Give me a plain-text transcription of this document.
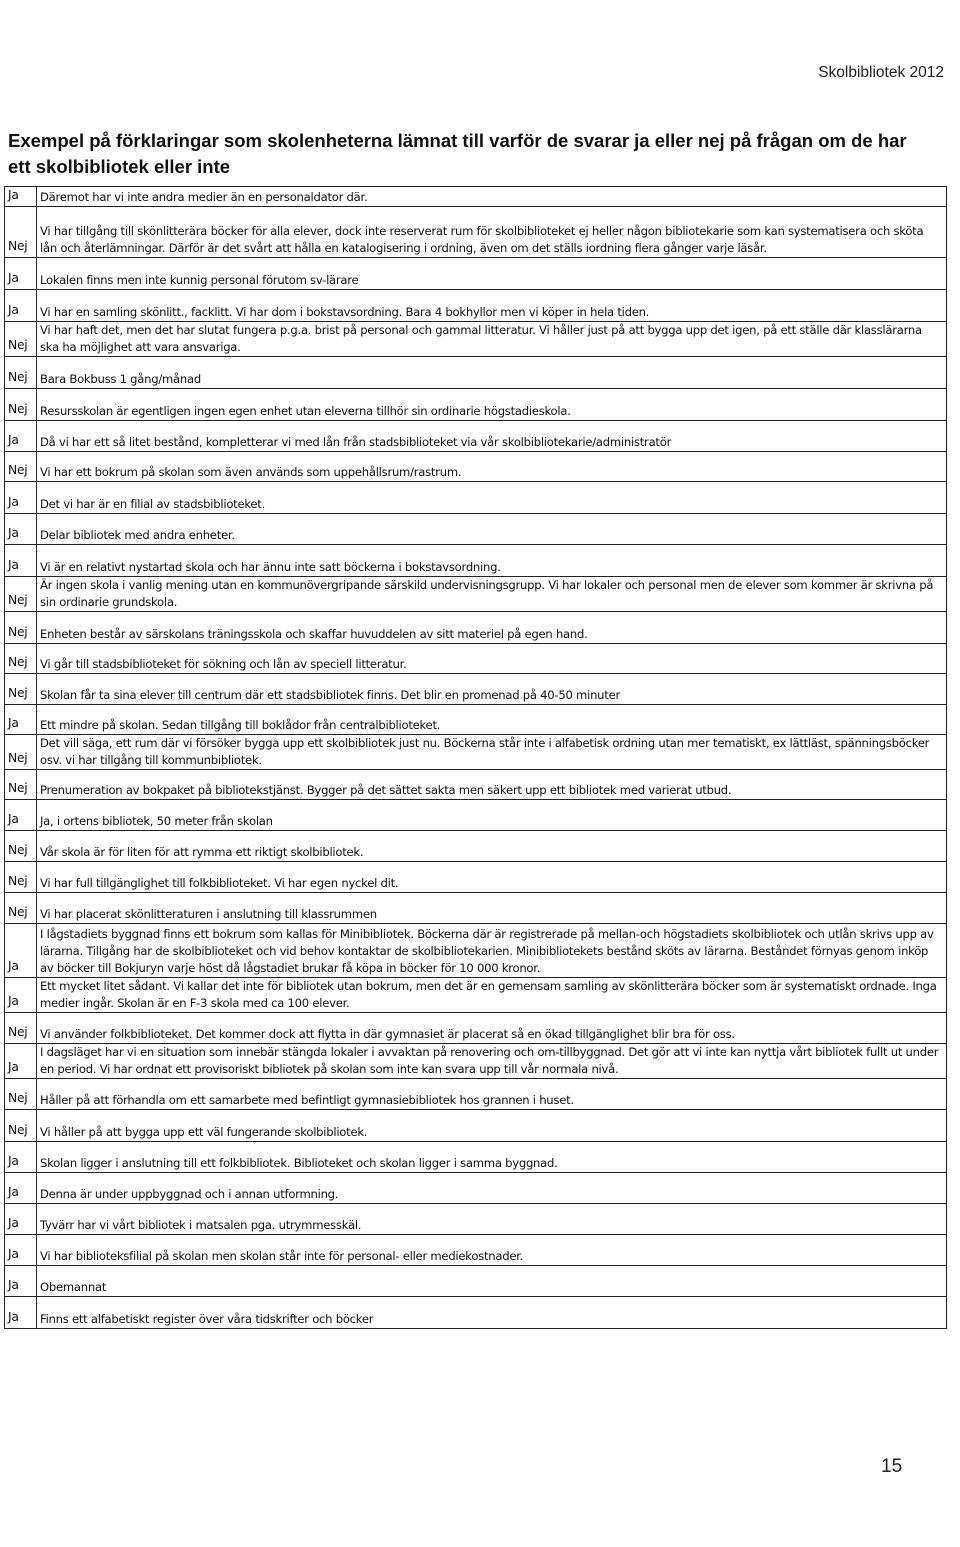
Skolbibliotek 2012
Exempel på förklaringar som skolenheterna lämnat till varför de svarar ja eller nej på frågan om de har ett skolbibliotek eller inte
Ja	Däremot har vi inte andra medier än en personaldator där.
Nej	Vi har tillgång till skönlitterära böcker för alla elever, dock inte reserverat rum för skolbiblioteket ej heller någon bibliotekarie som kan systematisera och sköta lån och återlämningar. Därför är det svårt att hålla en katalogisering i ordning, även om det ställs iordning flera gånger varje läsår.
Ja	Lokalen finns men inte kunnig personal förutom sv-lärare
Ja	Vi har en samling skönlitt., facklitt. Vi har dom i bokstavsordning. Bara 4 bokhyllor men vi köper in hela tiden.
Nej	Vi har haft det, men det har slutat fungera p.g.a. brist på personal och gammal litteratur. Vi håller just på att bygga upp det igen, på ett ställe där klasslärarna ska ha möjlighet att vara ansvariga.
Nej	Bara Bokbuss 1 gång/månad
Nej	Resursskolan är egentligen ingen egen enhet utan eleverna tillhör sin ordinarie högstadieskola.
Ja	Då vi har ett så litet bestånd, kompletterar vi med lån från stadsbiblioteket via vår skolbibliotekarie/administratör
Nej	Vi har ett bokrum på skolan som även används som uppehållsrum/rastrum.
Ja	Det vi har är en filial av stadsbiblioteket.
Ja	Delar bibliotek med andra enheter.
Ja	Vi är en relativt nystartad skola och har ännu inte satt böckerna i bokstavsordning.
Nej	Är ingen skola i vanlig mening utan en kommunövergripande särskild undervisningsgrupp. Vi har lokaler och personal men de elever som kommer är skrivna på sin ordinarie grundskola.
Nej	Enheten består av särskolans träningsskola och skaffar huvuddelen av sitt materiel på egen hand.
Nej	Vi går till stadsbiblioteket för sökning och lån av speciell litteratur.
Nej	Skolan får ta sina elever till centrum där ett stadsbibliotek finns. Det blir en promenad på 40-50 minuter
Ja	Ett mindre på skolan. Sedan tillgång till boklådor från centralbiblioteket.
Nej	Det vill säga, ett rum där vi försöker bygga upp ett skolbibliotek just nu. Böckerna står inte i alfabetisk ordning utan mer tematiskt, ex lättläst, spänningsböcker osv. vi har tillgång till kommunbibliotek.
Nej	Prenumeration av bokpaket på bibliotekstjänst. Bygger på det sättet sakta men säkert upp ett bibliotek med varierat utbud.
Ja	Ja, i ortens bibliotek, 50 meter från skolan
Nej	Vår skola är för liten för att rymma ett riktigt skolbibliotek.
Nej	Vi har full tillgänglighet till folkbiblioteket. Vi har egen nyckel dit.
Nej	Vi har placerat skönlitteraturen i anslutning till klassrummen
Ja	I lågstadiets byggnad finns ett bokrum som kallas för Minibibliotek. Böckerna där är registrerade på mellan-och högstadiets skolbibliotek och utlån skrivs upp av lärarna. Tillgång har de skolbiblioteket och vid behov kontaktar de skolbibliotekarien. Minibibliotekets bestånd sköts av lärarna. Beståndet förnyas genom inköp av böcker till Bokjuryn varje höst då lågstadiet brukar få köpa in böcker för 10 000 kronor.
Ja	Ett mycket litet sådant. Vi kallar det inte för bibliotek utan bokrum, men det är en gemensam samling av skönlitterära böcker som är systematiskt ordnade. Inga medier ingår. Skolan är en F-3 skola med ca 100 elever.
Nej	Vi använder folkbiblioteket. Det kommer dock att flytta in där gymnasiet är placerat så en ökad tillgänglighet blir bra för oss.
Ja	I dagsläget har vi en situation som innebär stängda lokaler i avvaktan på renovering och om-tillbyggnad. Det gör att vi inte kan nyttja vårt bibliotek fullt ut under en period. Vi har ordnat ett provisoriskt bibliotek på skolan som inte kan svara upp till vår normala nivå.
Nej	Håller på att förhandla om ett samarbete med befintligt gymnasiebibliotek hos grannen i huset.
Nej	Vi håller på att bygga upp ett väl fungerande skolbibliotek.
Ja	Skolan ligger i anslutning till ett folkbibliotek. Biblioteket och skolan ligger i samma byggnad.
Ja	Denna är under uppbyggnad och i annan utformning.
Ja	Tyvärr har vi vårt bibliotek i matsalen pga. utrymmesskäl.
Ja	Vi har biblioteksfilial på skolan men skolan står inte för personal- eller mediekostnader.
Ja	Obemannat
Ja	Finns ett alfabetiskt register över våra tidskrifter och böcker
15
